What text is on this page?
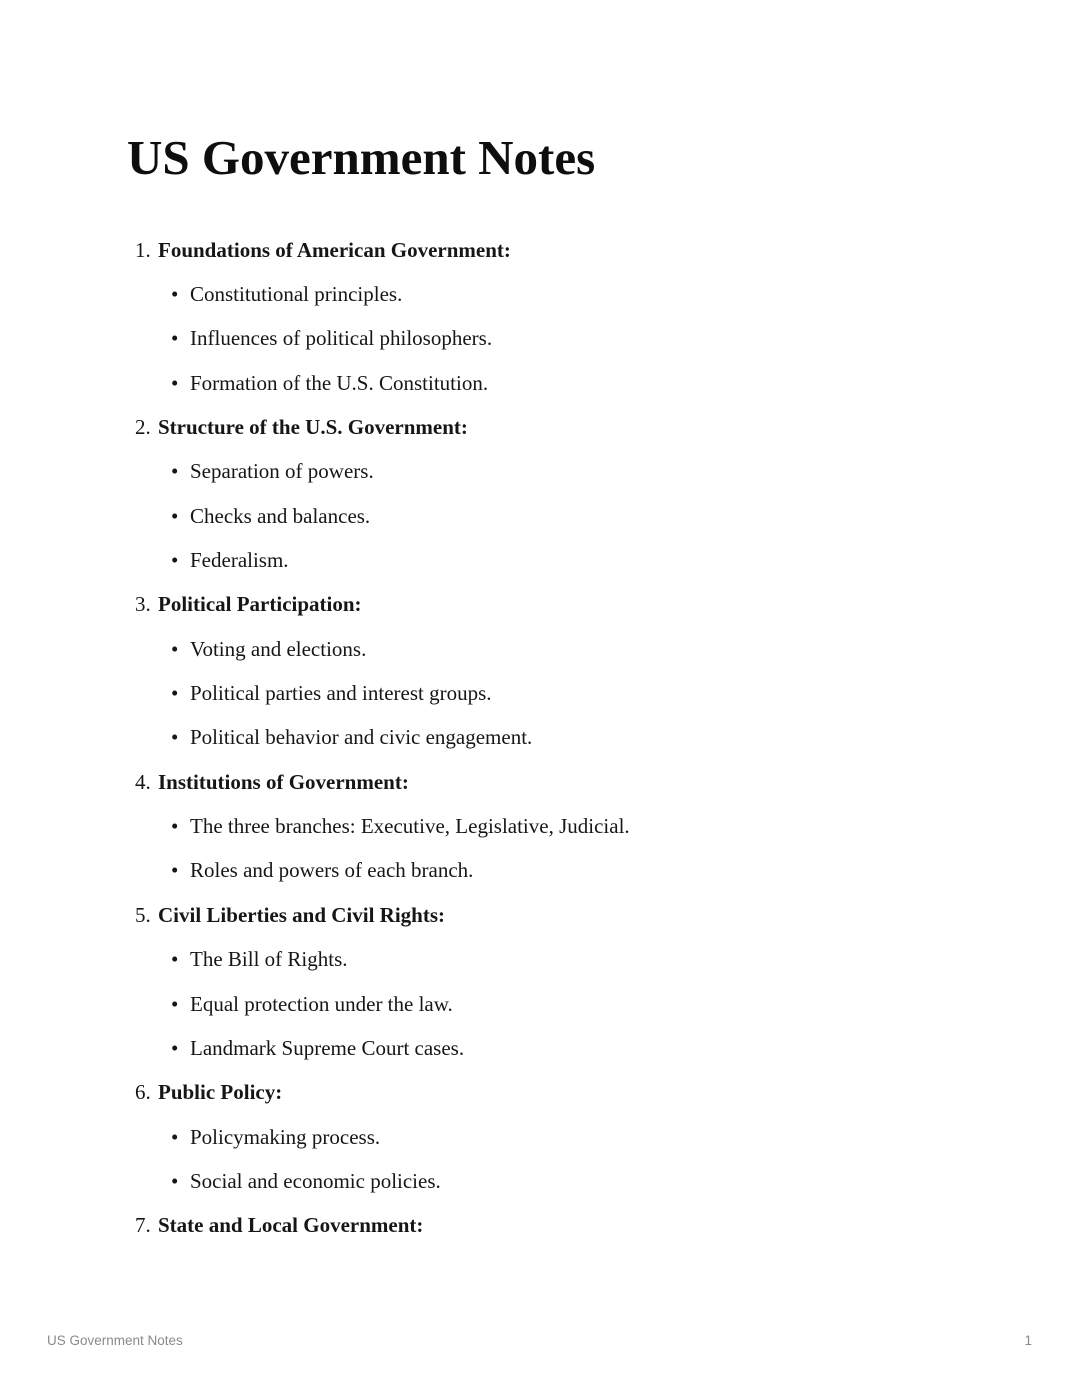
US Government Notes
1. Foundations of American Government:
• Constitutional principles.
• Influences of political philosophers.
• Formation of the U.S. Constitution.
2. Structure of the U.S. Government:
• Separation of powers.
• Checks and balances.
• Federalism.
3. Political Participation:
• Voting and elections.
• Political parties and interest groups.
• Political behavior and civic engagement.
4. Institutions of Government:
• The three branches: Executive, Legislative, Judicial.
• Roles and powers of each branch.
5. Civil Liberties and Civil Rights:
• The Bill of Rights.
• Equal protection under the law.
• Landmark Supreme Court cases.
6. Public Policy:
• Policymaking process.
• Social and economic policies.
7. State and Local Government:
US Government Notes	1
